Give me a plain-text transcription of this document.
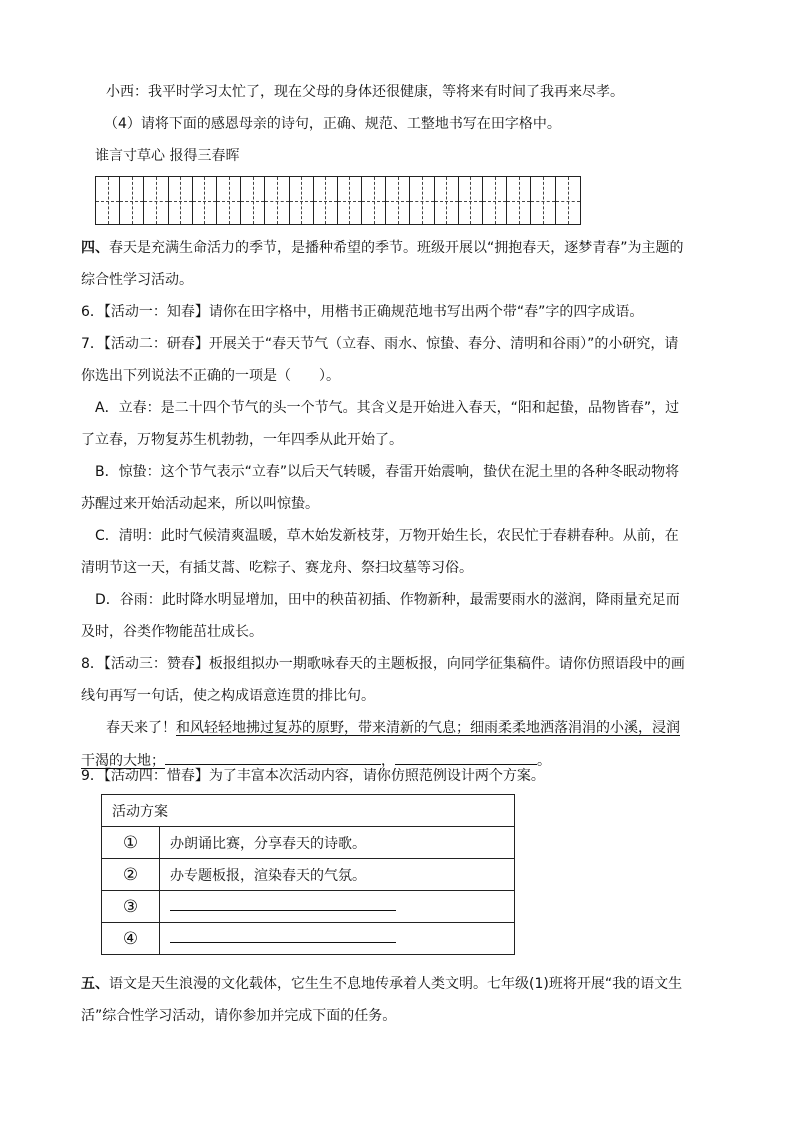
小西：我平时学习太忙了，现在父母的身体还很健康，等将来有时间了我再来尽孝。
（4）请将下面的感恩母亲的诗句，正确、规范、工整地书写在田字格中。
谁言寸草心 报得三春晖
四、春天是充满生命活力的季节，是播种希望的季节。班级开展以“拥抱春天，逐梦青春”为主题的
综合性学习活动。
6．【活动一：知春】请你在田字格中，用楷书正确规范地书写出两个带“春”字的四字成语。
7．【活动二：研春】开展关于“春天节气（立春、雨水、惊蛰、春分、清明和谷雨）”的小研究，请
你选出下列说法不正确的一项是（　　）。
A．立春：是二十四个节气的头一个节气。其含义是开始进入春天，“阳和起蛰，品物皆春”，过
了立春，万物复苏生机勃勃，一年四季从此开始了。
B．惊蛰：这个节气表示“立春”以后天气转暖，春雷开始震响，蛰伏在泥土里的各种冬眠动物将
苏醒过来开始活动起来，所以叫惊蛰。
C．清明：此时气候清爽温暖，草木始发新枝芽，万物开始生长，农民忙于春耕春种。从前，在
清明节这一天，有插艾蒿、吃粽子、赛龙舟、祭扫坟墓等习俗。
D．谷雨：此时降水明显增加，田中的秧苗初插、作物新种，最需要雨水的滋润，降雨量充足而
及时，谷类作物能茁壮成长。
8．【活动三：赞春】板报组拟办一期歌咏春天的主题板报，向同学征集稿件。请你仿照语段中的画
线句再写一句话，使之构成语意连贯的排比句。
春天来了！和风轻轻地拂过复苏的原野，带来清新的气息；细雨柔柔地洒落涓涓的小溪，浸润
干渴的大地；	，	。
9．【活动四：惜春】为了丰富本次活动内容，请你仿照范例设计两个方案。
活动方案	
①	办朗诵比赛，分享春天的诗歌。
②	办专题板报，渲染春天的气氛。
③	
④	
五、语文是天生浪漫的文化载体，它生生不息地传承着人类文明。七年级(1)班将开展“我的语文生
活”综合性学习活动，请你参加并完成下面的任务。
